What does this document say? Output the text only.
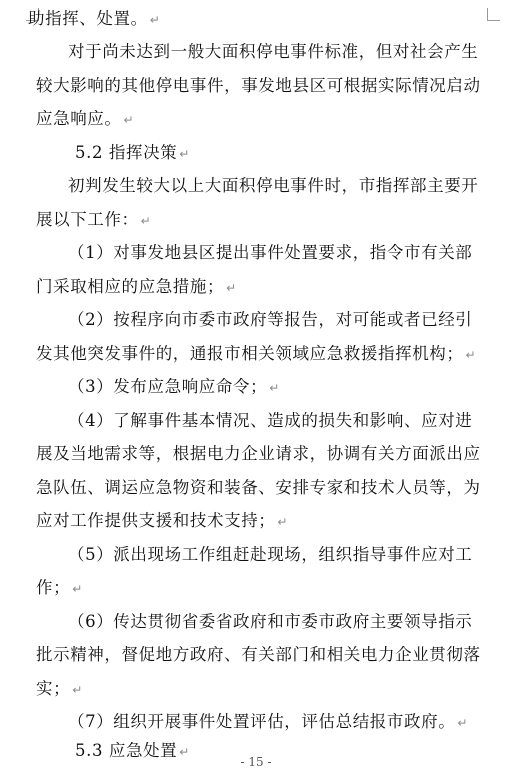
助指挥、处置。 ↵
对于尚未达到一般大面积停电事件标准，但对社会产生
较大影响的其他停电事件，事发地县区可根据实际情况启动
应急响应。 ↵
5.2 指挥决策 ↵
初判发生较大以上大面积停电事件时，市指挥部主要开
展以下工作： ↵
（1）对事发地县区提出事件处置要求，指令市有关部
门采取相应的应急措施； ↵
（2）按程序向市委市政府等报告，对可能或者已经引
发其他突发事件的，通报市相关领域应急救援指挥机构； ↵
（3）发布应急响应命令； ↵
（4）了解事件基本情况、造成的损失和影响、应对进
展及当地需求等，根据电力企业请求，协调有关方面派出应
急队伍、调运应急物资和装备、安排专家和技术人员等，为
应对工作提供支援和技术支持； ↵
（5）派出现场工作组赶赴现场，组织指导事件应对工
作； ↵
（6）传达贯彻省委省政府和市委市政府主要领导指示
批示精神，督促地方政府、有关部门和相关电力企业贯彻落
实； ↵
（7）组织开展事件处置评估，评估总结报市政府。 ↵
5.3 应急处置 ↵
- 15 -
